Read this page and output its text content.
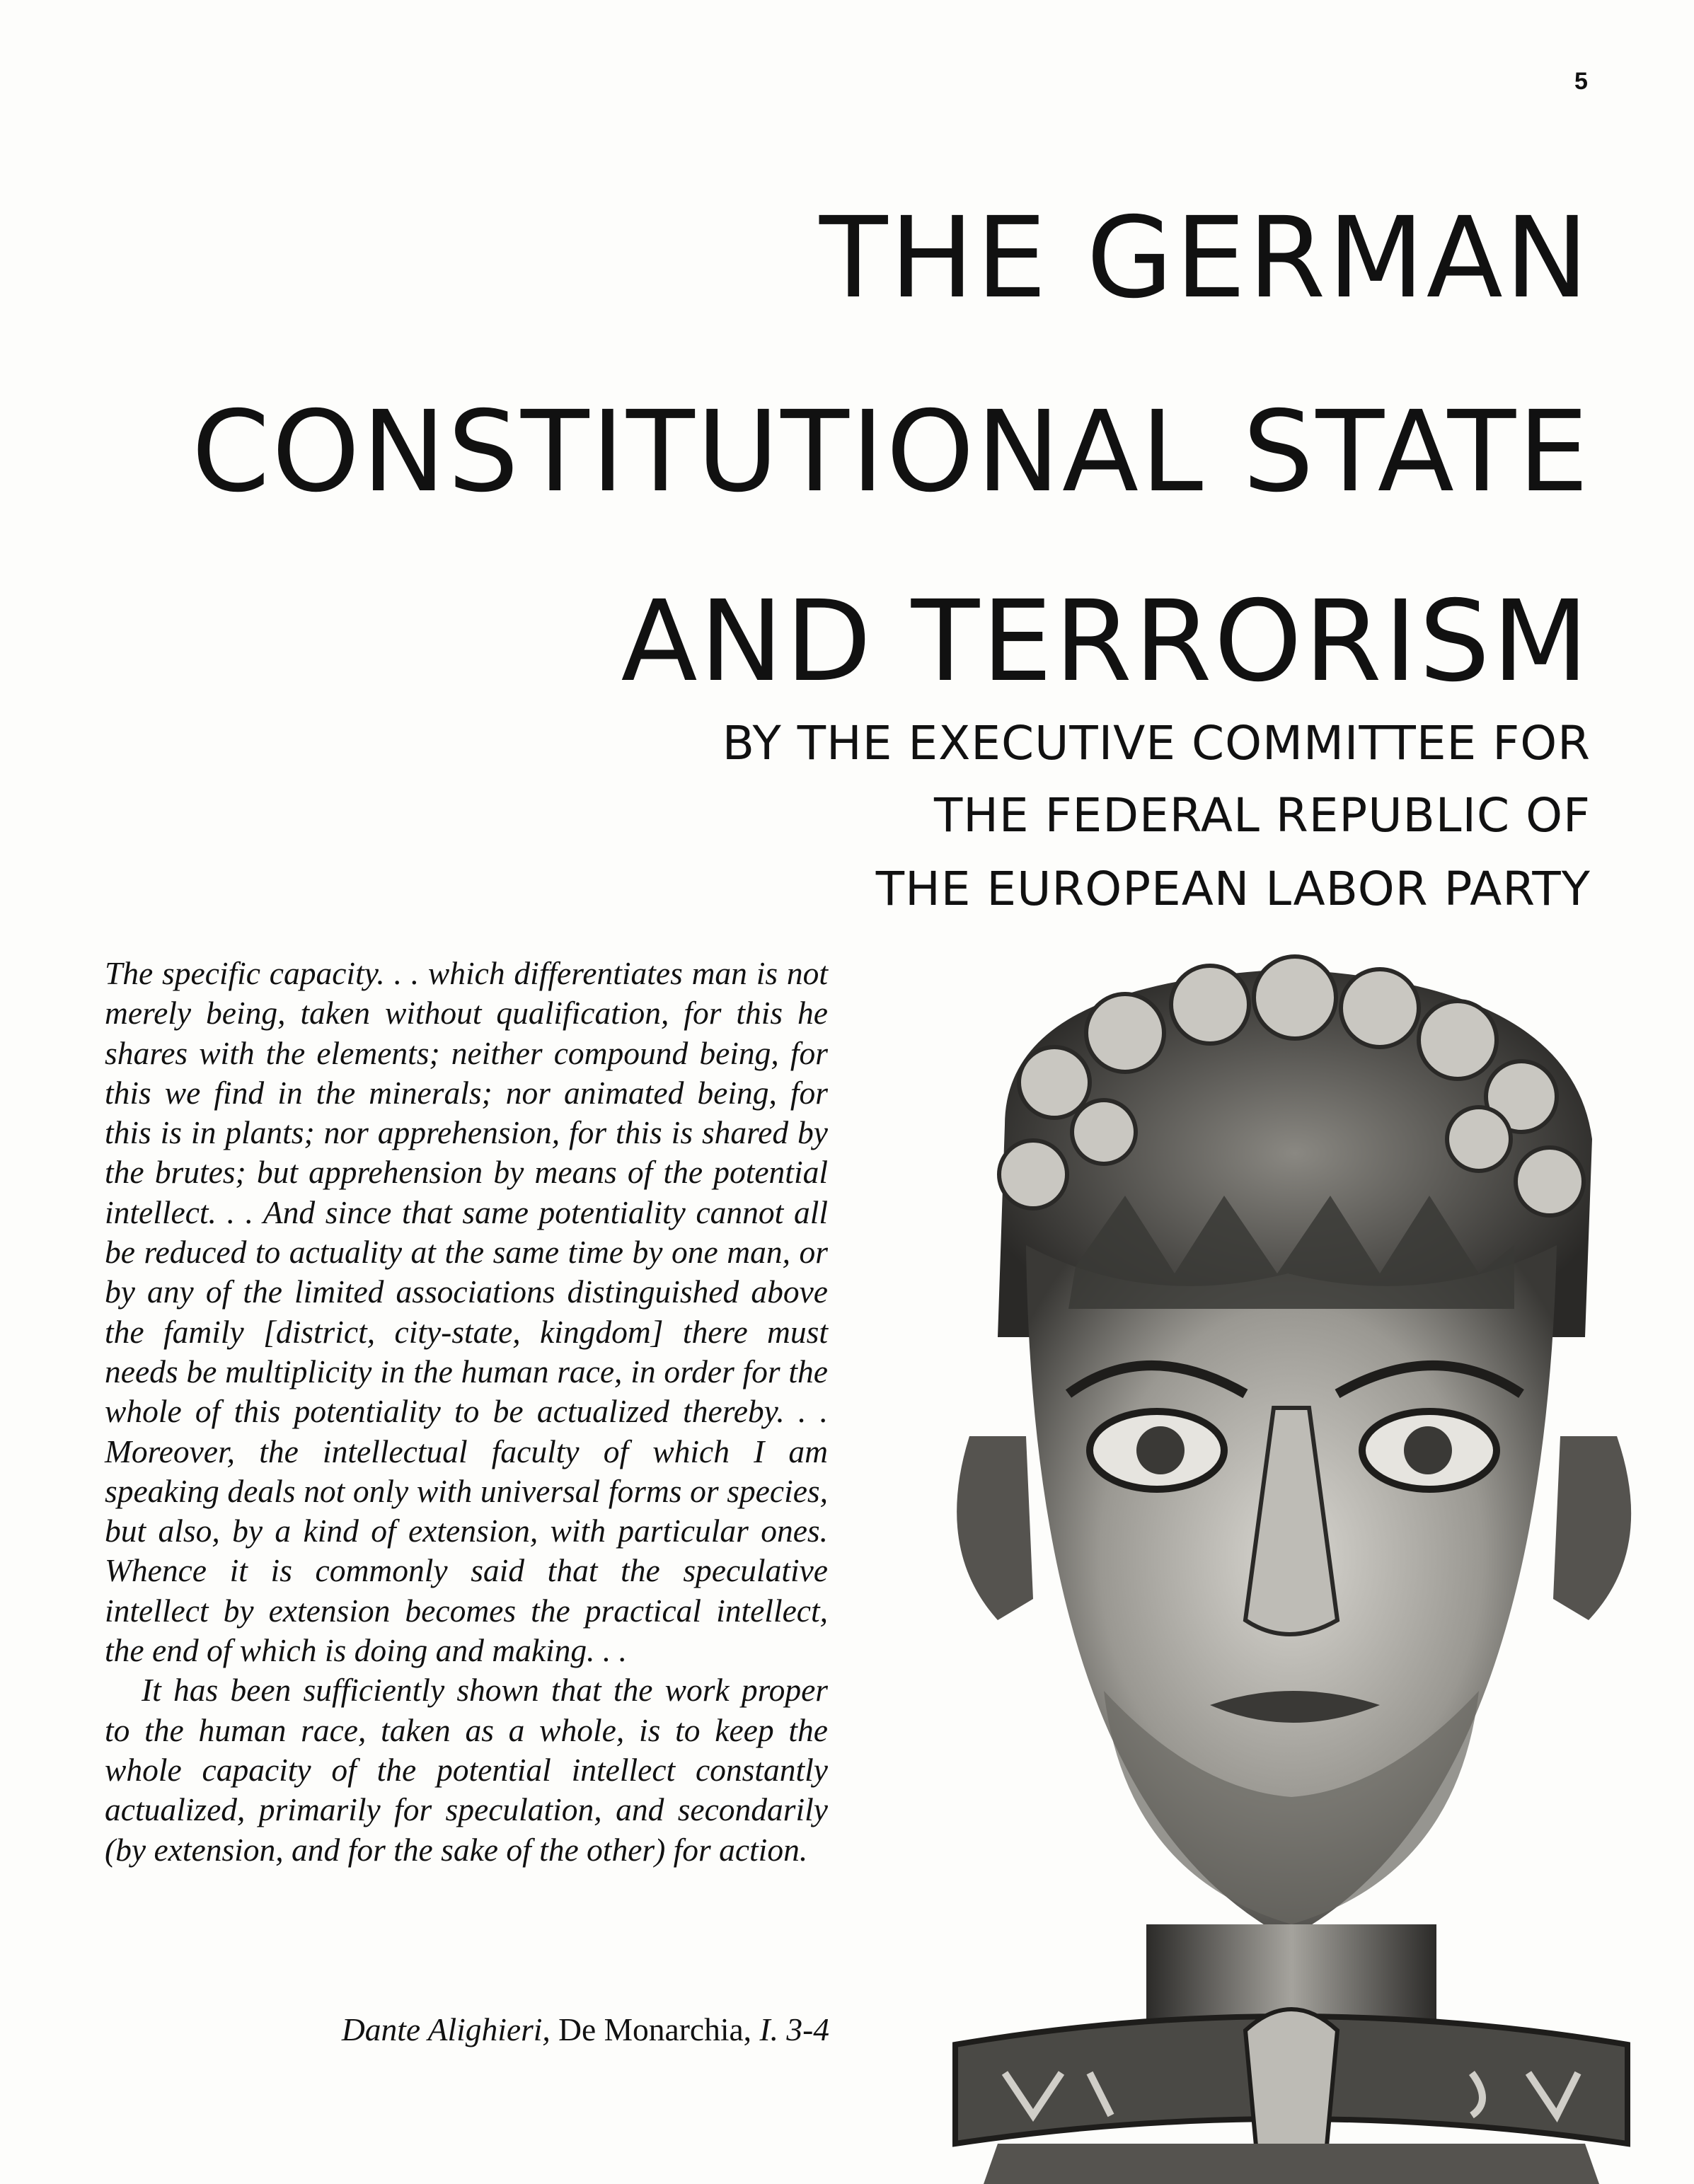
5
THE GERMAN
CONSTITUTIONAL STATE
AND TERRORISM
BY THE EXECUTIVE COMMITTEE FOR
THE FEDERAL REPUBLIC OF
THE EUROPEAN LABOR PARTY

The specific capacity. . . which differentiates man is not merely being, taken without qualification, for this he shares with the elements; neither compound being, for this we find in the minerals; nor animated being, for this is in plants; nor apprehension, for this is shared by the brutes; but apprehension by means of the potential intellect. . . And since that same potentiality cannot all be reduced to actuality at the same time by one man, or by any of the limited associations distinguished above the family [district, city-state, kingdom] there must needs be multiplicity in the human race, in order for the whole of this potentiality to be actualized thereby. . . Moreover, the intellectual faculty of which I am speaking deals not only with universal forms or species, but also, by a kind of extension, with particular ones. Whence it is commonly said that the speculative intellect by extension becomes the practical intellect, the end of which is doing and making. . .

It has been sufficiently shown that the work proper to the human race, taken as a whole, is to keep the whole capacity of the potential intellect constantly actualized, primarily for speculation, and secondarily (by extension, and for the sake of the other) for action.

Dante Alighieri, De Monarchia, I. 3-4
